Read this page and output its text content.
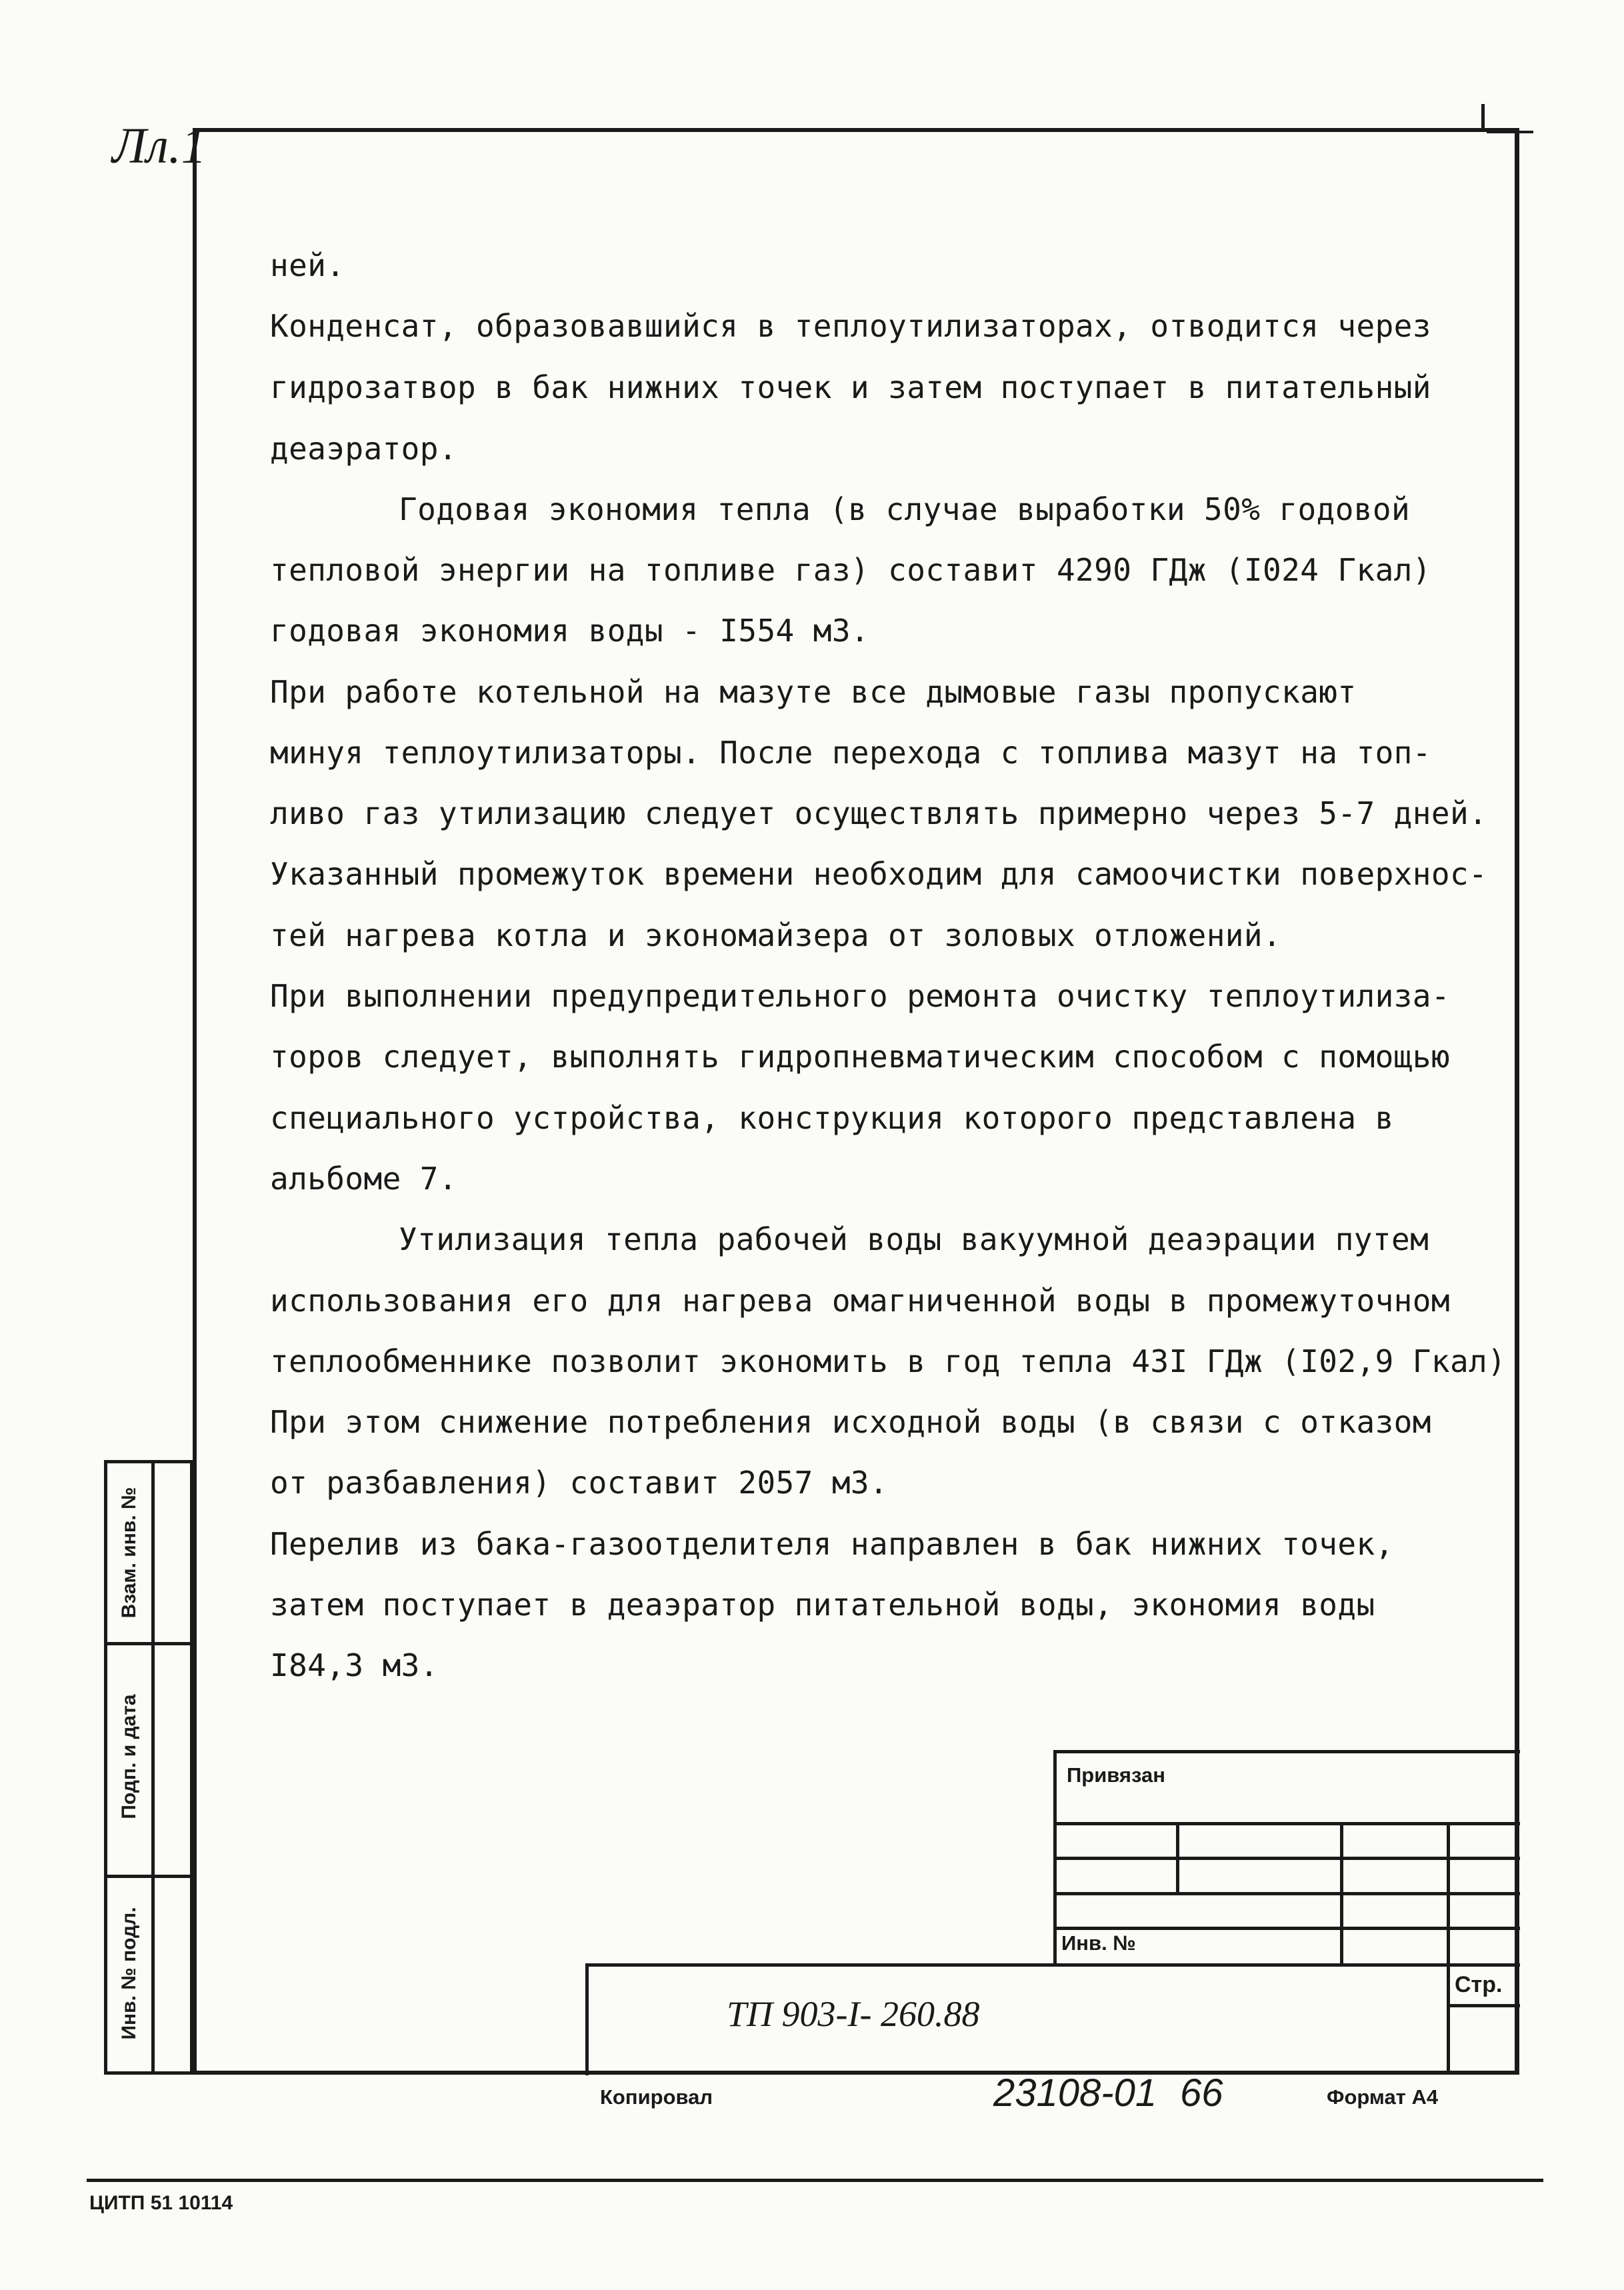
Лл.1
ней.
Конденсат, образовавшийся в теплоутилизаторах, отводится через
гидрозатвор в бак нижних точек и затем поступает в питательный
деаэратор.
Годовая экономия тепла (в случае выработки 50% годовой
тепловой энергии на топливе газ) составит 4290 ГДж (I024 Гкал)
годовая экономия воды - I554 м3.
При работе котельной на мазуте все дымовые газы пропускают
минуя теплоутилизаторы. После перехода с топлива мазут на топ-
ливо газ утилизацию следует осуществлять примерно через 5-7 дней.
Указанный промежуток времени необходим для самоочистки поверхнос-
тей нагрева котла и экономайзера от золовых отложений.
При выполнении предупредительного ремонта очистку теплоутилиза-
торов следует, выполнять гидропневматическим способом с помощью
специального устройства, конструкция которого представлена в
альбоме 7.
Утилизация тепла рабочей воды вакуумной деаэрации путем
использования его для нагрева омагниченной воды в промежуточном
теплообменнике позволит экономить в год тепла 43I ГДж (I02,9 Гкал)
При этом снижение потребления исходной воды (в связи с отказом
от разбавления) составит 2057 м3.
Перелив из бака-газоотделителя направлен в бак нижних точек,
затем поступает в деаэратор питательной воды, экономия воды
I84,3 м3.
Взам. инв. №
Подп. и дата
Инв. № подл.
Привязан
Инв. №
Стр.
ТП 903-I- 260.88
Копировал	23108-01 66	Формат А4
ЦИТП 51 10114
